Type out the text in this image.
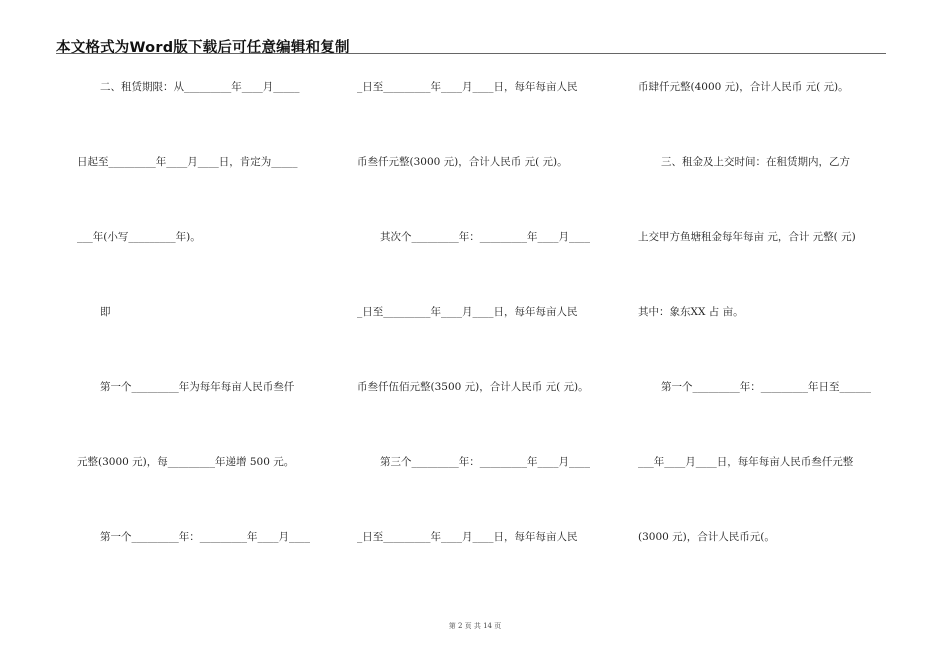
本文格式为Word版下载后可任意编辑和复制
二、租赁期限：从_________年____月_____
日起至_________年____月____日，肯定为_____
___年(小写_________年)。
即
第一个_________年为每年每亩人民币叁仟
元整(3000 元)，每_________年递增 500 元。
第一个_________年：_________年____月____
_日至_________年____月____日，每年每亩人民
币叁仟元整(3000 元)，合计人民币 元( 元)。
其次个_________年：_________年____月____
_日至_________年____月____日，每年每亩人民
币叁仟伍佰元整(3500 元)，合计人民币 元( 元)。
第三个_________年：_________年____月____
_日至_________年____月____日，每年每亩人民
币肆仟元整(4000 元)，合计人民币 元( 元)。
三、租金及上交时间：在租赁期内，乙方
上交甲方鱼塘租金每年每亩 元，合计 元整( 元)
其中：象东XX 占 亩。
第一个_________年：_________年日至______
___年____月____日，每年每亩人民币叁仟元整
(3000 元)，合计人民币元(。
第 2 页 共 14 页
